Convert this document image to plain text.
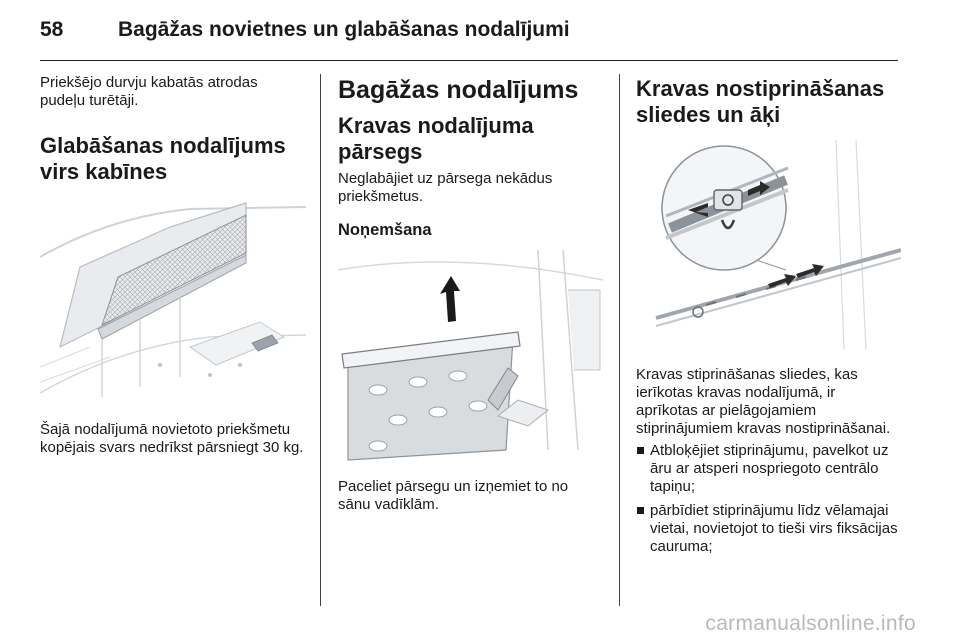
58	Bagāžas novietnes un glabāšanas nodalījumi

Priekšējo durvju kabatās atrodas pudeļu turētāji.

Glabāšanas nodalījums virs kabīnes

Šajā nodalījumā novietoto priekšmetu kopējais svars nedrīkst pārsniegt 30 kg.

Bagāžas nodalījums
Kravas nodalījuma pārsegs

Neglabājiet uz pārsega nekādus priekšmetus.

Noņemšana

Paceliet pārsegu un izņemiet to no sānu vadīklām.

Kravas nostiprināšanas sliedes un āķi

Kravas stiprināšanas sliedes, kas ierīkotas kravas nodalījumā, ir aprīkotas ar pielāgojamiem stiprinājumiem kravas nostiprināšanai.

Atbloķējiet stiprinājumu, pavelkot uz āru ar atsperi nospriegoto centrālo tapiņu;
pārbīdiet stiprinājumu līdz vēlamajai vietai, novietojot to tieši virs fiksācijas cauruma;
carmanualsonline.info
